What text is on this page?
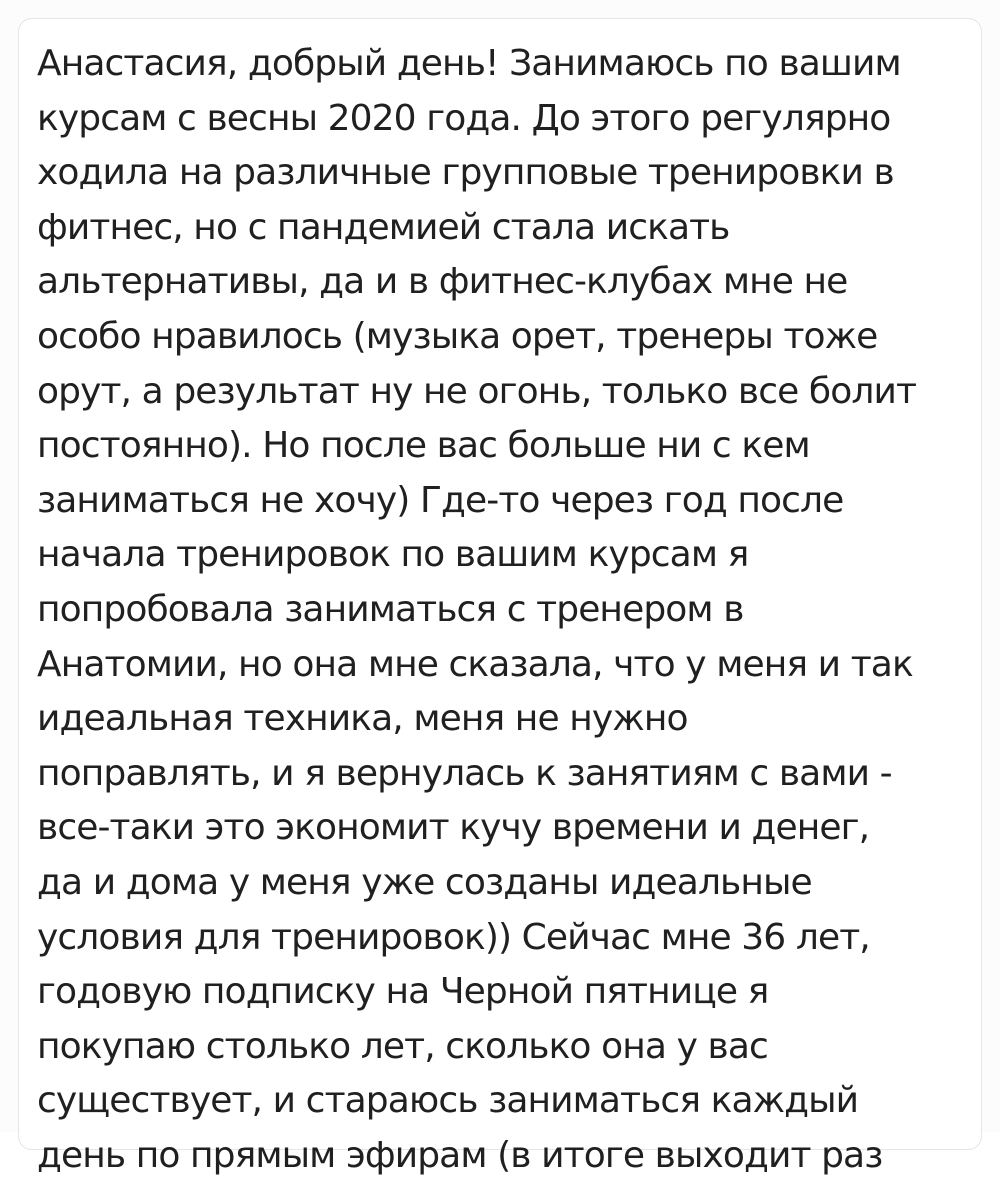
Анастасия, добрый день! Занимаюсь по вашим
курсам с весны 2020 года. До этого регулярно
ходила на различные групповые тренировки в
фитнес, но с пандемией стала искать
альтернативы, да и в фитнес-клубах мне не
особо нравилось (музыка орет, тренеры тоже
орут, а результат ну не огонь, только все болит
постоянно). Но после вас больше ни с кем
заниматься не хочу) Где-то через год после
начала тренировок по вашим курсам я
попробовала заниматься с тренером в
Анатомии, но она мне сказала, что у меня и так
идеальная техника, меня не нужно
поправлять, и я вернулась к занятиям с вами -
все-таки это экономит кучу времени и денег,
да и дома у меня уже созданы идеальные
условия для тренировок)) Сейчас мне 36 лет,
годовую подписку на Черной пятнице я
покупаю столько лет, сколько она у вас
существует, и стараюсь заниматься каждый
день по прямым эфирам (в итоге выходит раз
